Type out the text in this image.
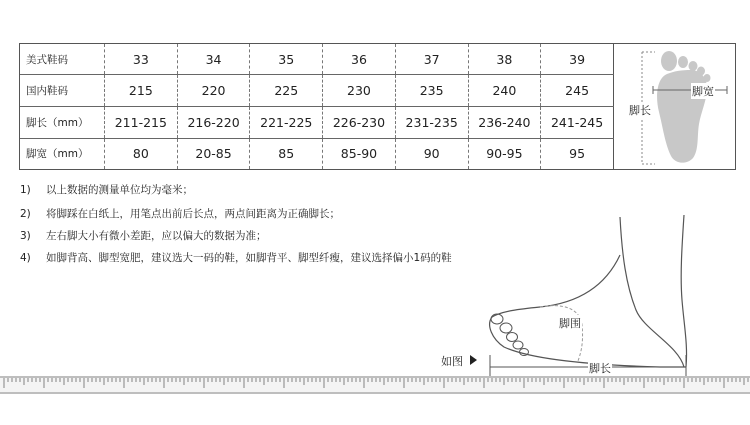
美式鞋码	33	34	35	36	37	38	39
国内鞋码	215	220	225	230	235	240	245
脚长（mm）	211-215	216-220	221-225	226-230	231-235	236-240	241-245
脚宽（mm）	80	20-85	85	85-90	90	90-95	95
脚宽
脚长
1) 以上数据的测量单位均为毫米；
2) 将脚踩在白纸上，用笔点出前后长点，两点间距离为正确脚长；
3) 左右脚大小有微小差距，应以偏大的数据为准；
4) 如脚背高、脚型宽肥，建议选大一码的鞋，如脚背平、脚型纤瘦，建议选择偏小1码的鞋
脚围
脚长
如图
